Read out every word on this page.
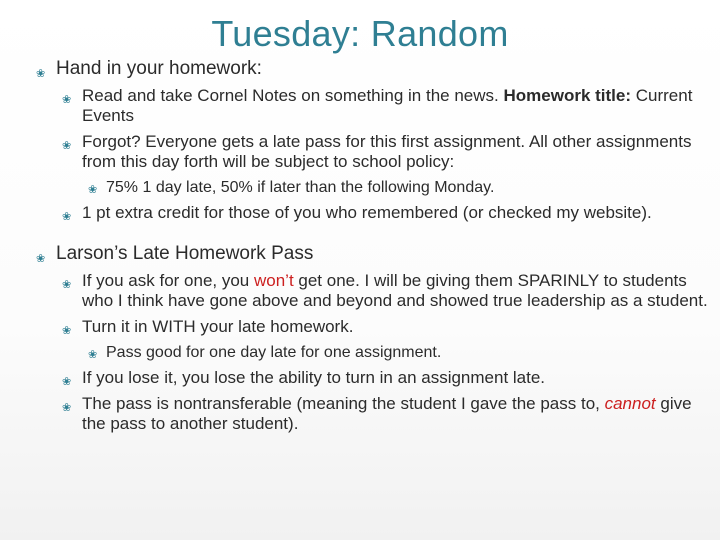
Tuesday: Random
❀ Hand in your homework:
❀ Read and take Cornel Notes on something in the news. Homework title: Current Events
❀ Forgot? Everyone gets a late pass for this first assignment. All other assignments from this day forth will be subject to school policy:
❀ 75% 1 day late, 50% if later than the following Monday.
❀ 1 pt extra credit for those of you who remembered (or checked my website).
❀ Larson’s Late Homework Pass
❀ If you ask for one, you won’t get one. I will be giving them SPARINLY to students who I think have gone above and beyond and showed true leadership as a student.
❀ Turn it in WITH your late homework.
❀ Pass good for one day late for one assignment.
❀ If you lose it, you lose the ability to turn in an assignment late.
❀ The pass is nontransferable (meaning the student I gave the pass to, cannot give the pass to another student).
